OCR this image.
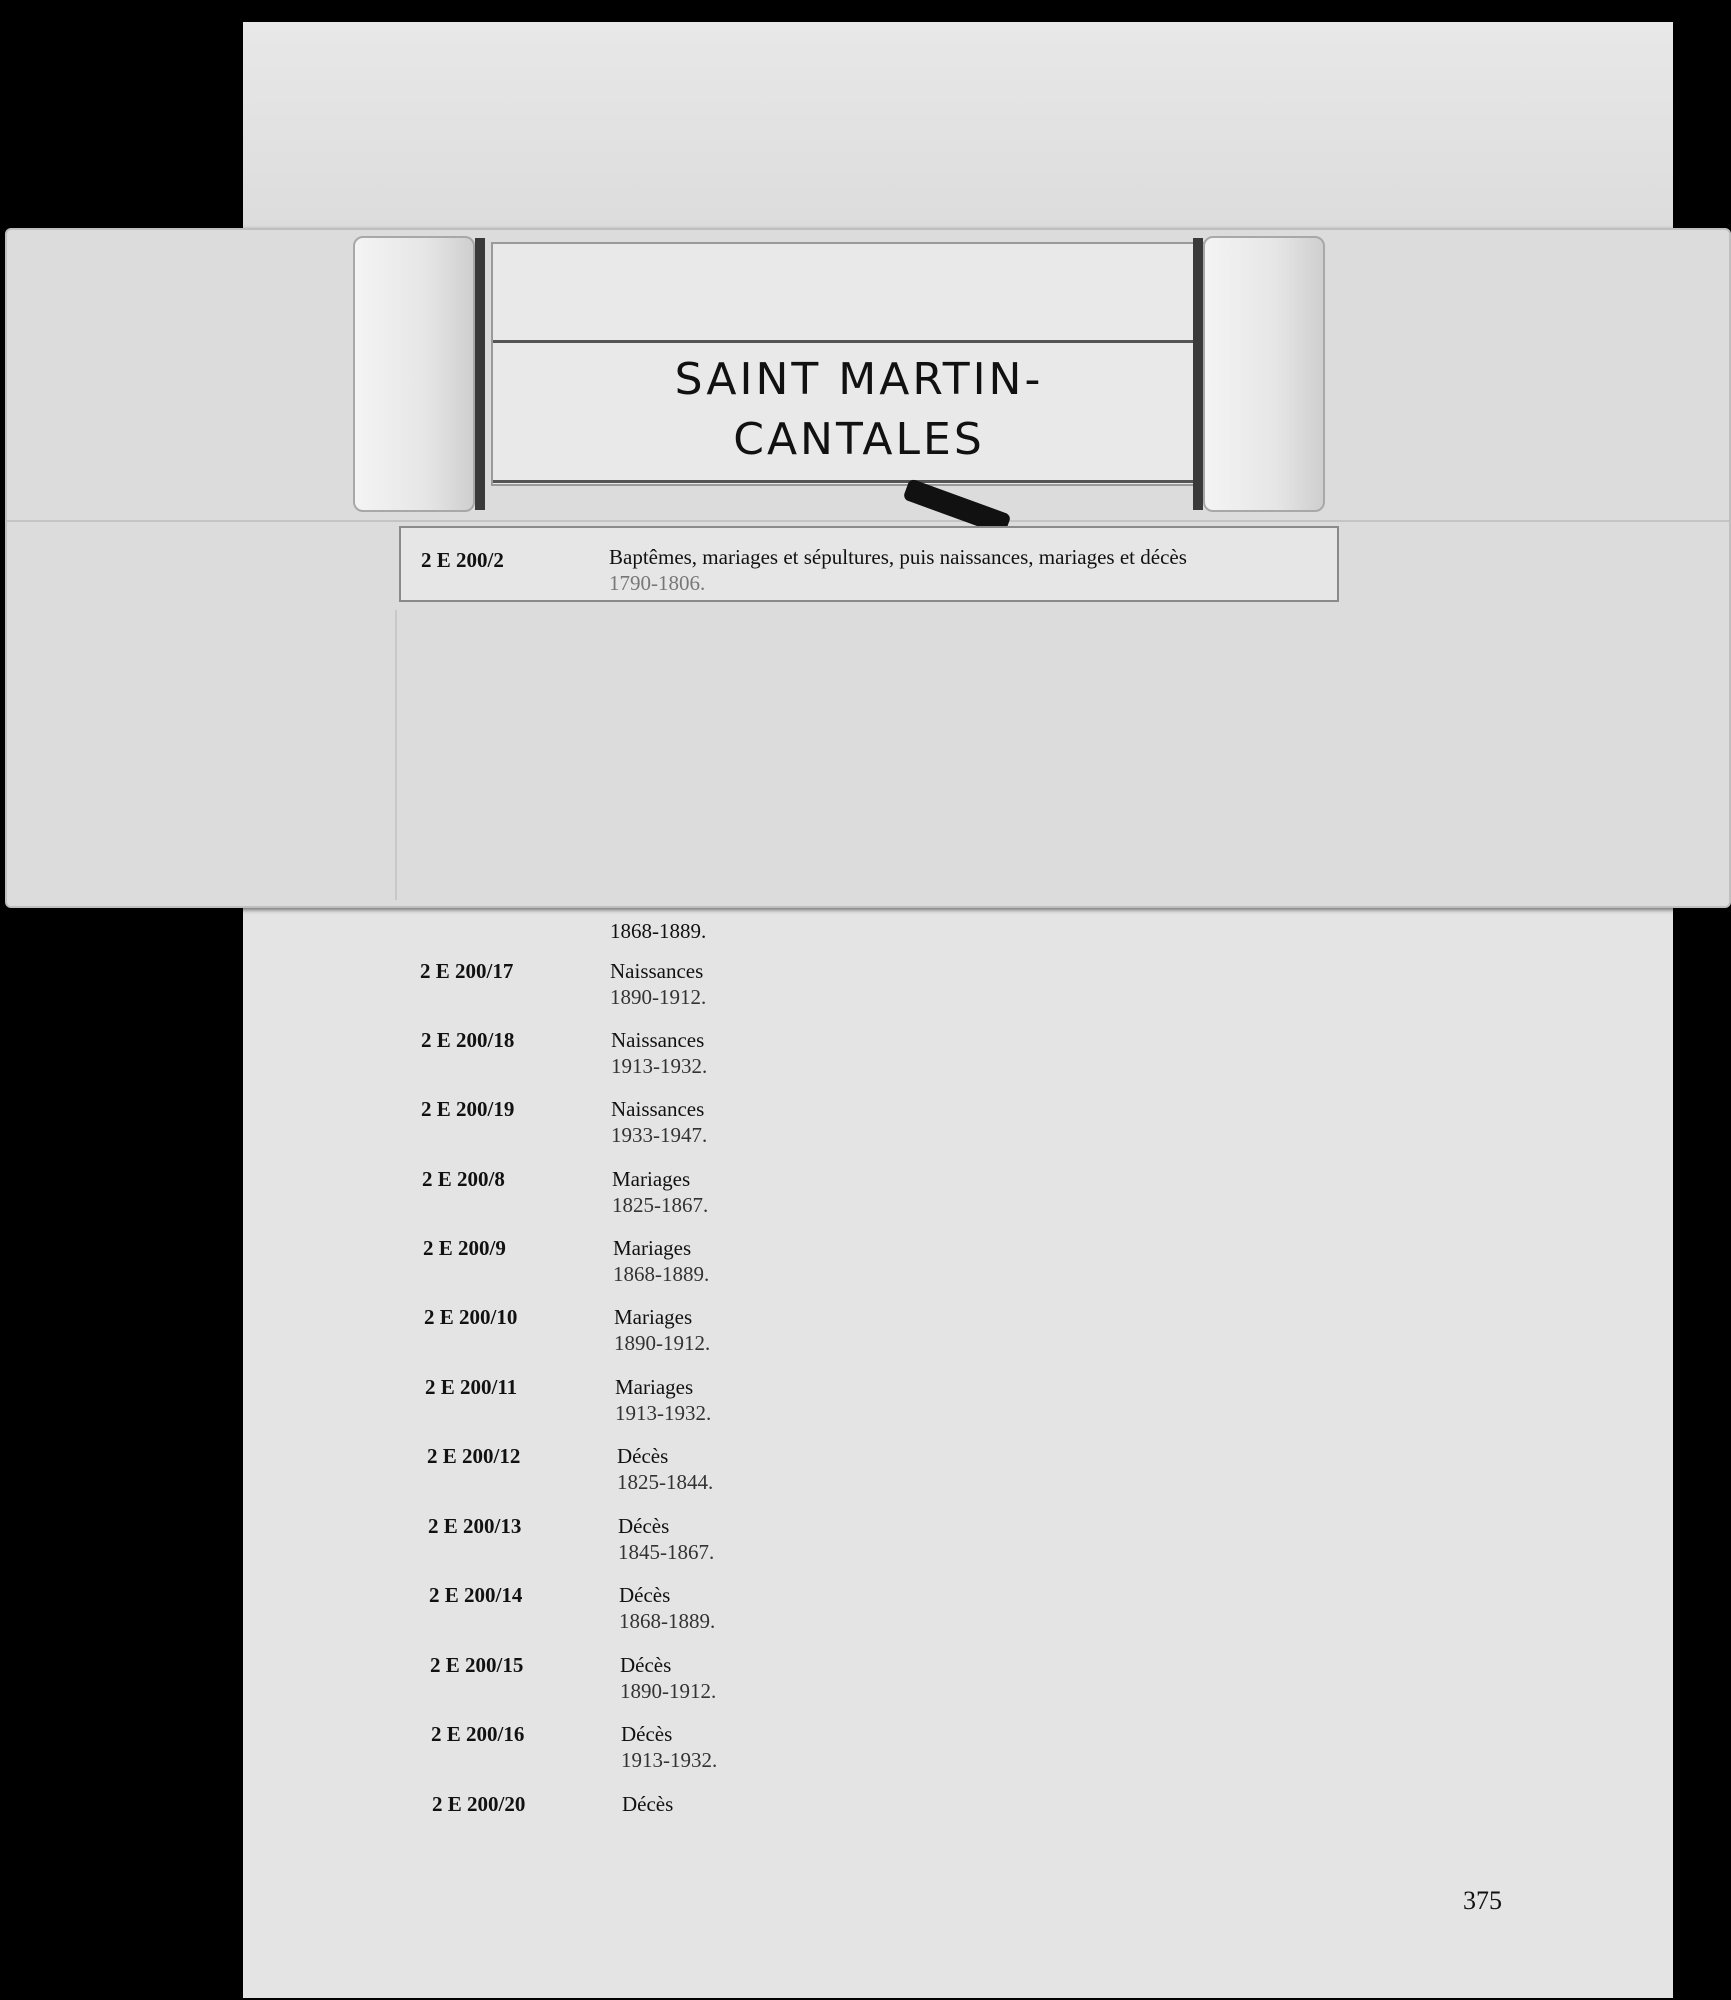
SAINT MARTIN-
CANTALES
2 E 200/2	Baptêmes, mariages et sépultures, puis naissances, mariages et décès
1790-1806.
1868-1889.
2 E 200/17	Naissances
1890-1912.
2 E 200/18	Naissances
1913-1932.
2 E 200/19	Naissances
1933-1947.
2 E 200/8	Mariages
1825-1867.
2 E 200/9	Mariages
1868-1889.
2 E 200/10	Mariages
1890-1912.
2 E 200/11	Mariages
1913-1932.
2 E 200/12	Décès
1825-1844.
2 E 200/13	Décès
1845-1867.
2 E 200/14	Décès
1868-1889.
2 E 200/15	Décès
1890-1912.
2 E 200/16	Décès
1913-1932.
2 E 200/20	Décès
375
